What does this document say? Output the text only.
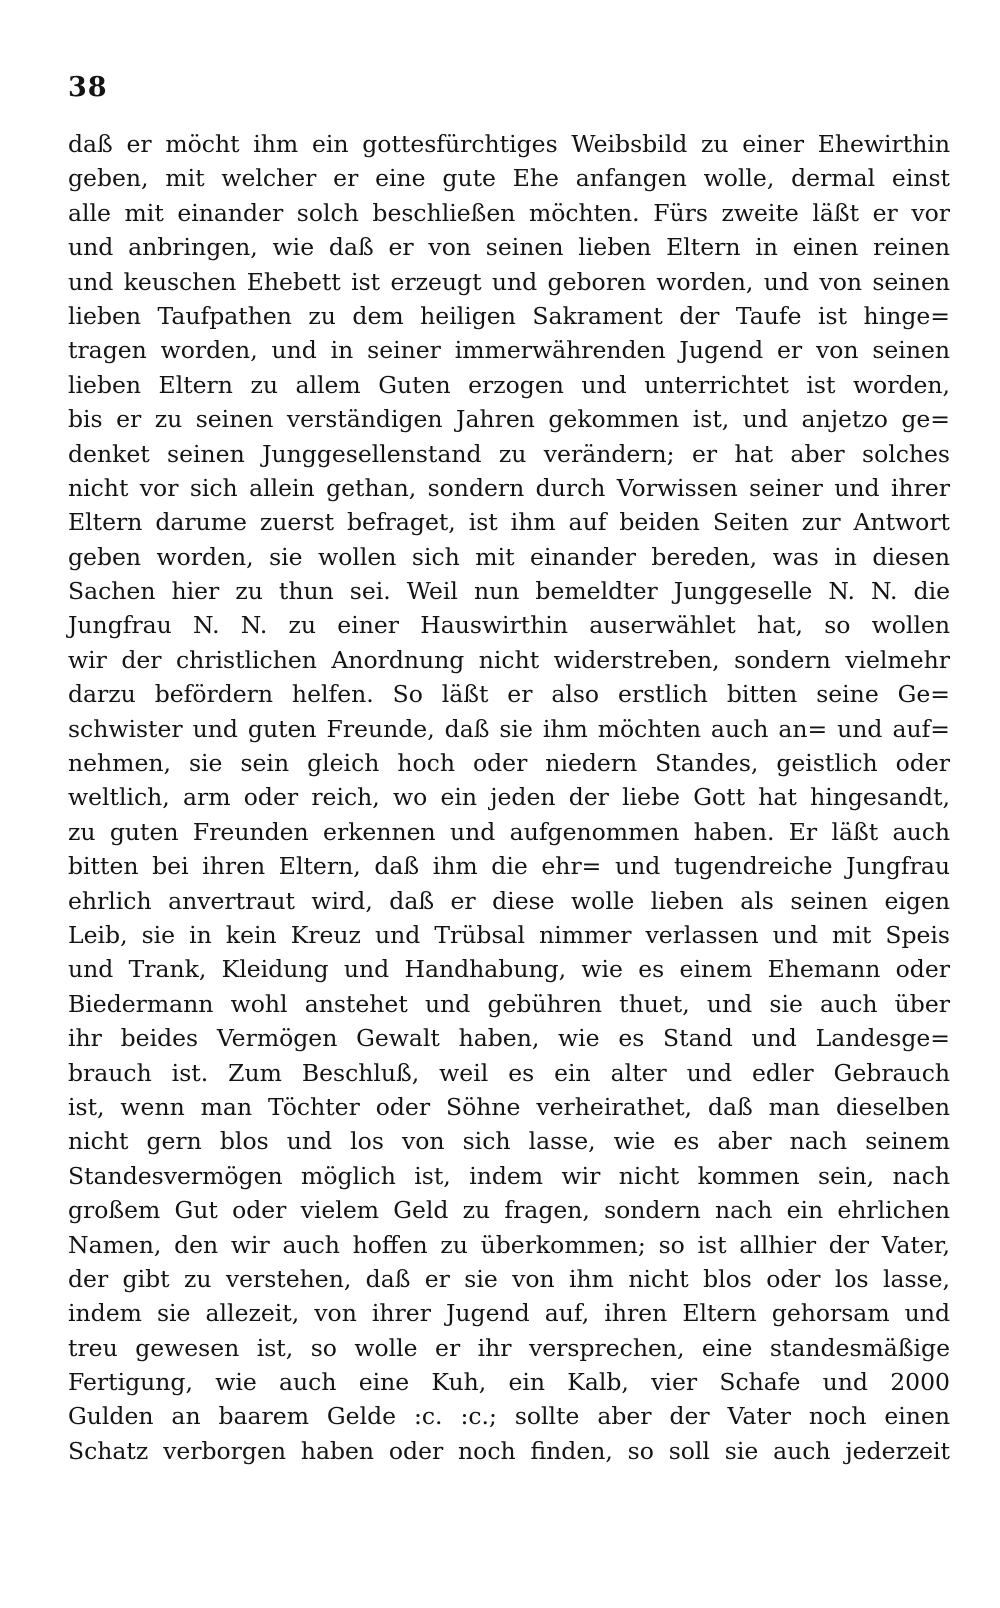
38
daß er möcht ihm ein gottesfürchtiges Weibsbild zu einer Ehewirthin
geben, mit welcher er eine gute Ehe anfangen wolle, dermal einst
alle mit einander solch beschließen möchten. Fürs zweite läßt er vor
und anbringen, wie daß er von seinen lieben Eltern in einen reinen
und keuschen Ehebett ist erzeugt und geboren worden, und von seinen
lieben Taufpathen zu dem heiligen Sakrament der Taufe ist hinge=
tragen worden, und in seiner immerwährenden Jugend er von seinen
lieben Eltern zu allem Guten erzogen und unterrichtet ist worden,
bis er zu seinen verständigen Jahren gekommen ist, und anjetzo ge=
denket seinen Junggesellenstand zu verändern; er hat aber solches
nicht vor sich allein gethan, sondern durch Vorwissen seiner und ihrer
Eltern darume zuerst befraget, ist ihm auf beiden Seiten zur Antwort
geben worden, sie wollen sich mit einander bereden, was in diesen
Sachen hier zu thun sei. Weil nun bemeldter Junggeselle N. N. die
Jungfrau N. N. zu einer Hauswirthin auserwählet hat, so wollen
wir der christlichen Anordnung nicht widerstreben, sondern vielmehr
darzu befördern helfen. So läßt er also erstlich bitten seine Ge=
schwister und guten Freunde, daß sie ihm möchten auch an= und auf=
nehmen, sie sein gleich hoch oder niedern Standes, geistlich oder
weltlich, arm oder reich, wo ein jeden der liebe Gott hat hingesandt,
zu guten Freunden erkennen und aufgenommen haben. Er läßt auch
bitten bei ihren Eltern, daß ihm die ehr= und tugendreiche Jungfrau
ehrlich anvertraut wird, daß er diese wolle lieben als seinen eigen
Leib, sie in kein Kreuz und Trübsal nimmer verlassen und mit Speis
und Trank, Kleidung und Handhabung, wie es einem Ehemann oder
Biedermann wohl anstehet und gebühren thuet, und sie auch über
ihr beides Vermögen Gewalt haben, wie es Stand und Landesge=
brauch ist. Zum Beschluß, weil es ein alter und edler Gebrauch
ist, wenn man Töchter oder Söhne verheirathet, daß man dieselben
nicht gern blos und los von sich lasse, wie es aber nach seinem
Standesvermögen möglich ist, indem wir nicht kommen sein, nach
großem Gut oder vielem Geld zu fragen, sondern nach ein ehrlichen
Namen, den wir auch hoffen zu überkommen; so ist allhier der Vater,
der gibt zu verstehen, daß er sie von ihm nicht blos oder los lasse,
indem sie allezeit, von ihrer Jugend auf, ihren Eltern gehorsam und
treu gewesen ist, so wolle er ihr versprechen, eine standesmäßige
Fertigung, wie auch eine Kuh, ein Kalb, vier Schafe und 2000
Gulden an baarem Gelde :c. :c.; sollte aber der Vater noch einen
Schatz verborgen haben oder noch finden, so soll sie auch jederzeit
